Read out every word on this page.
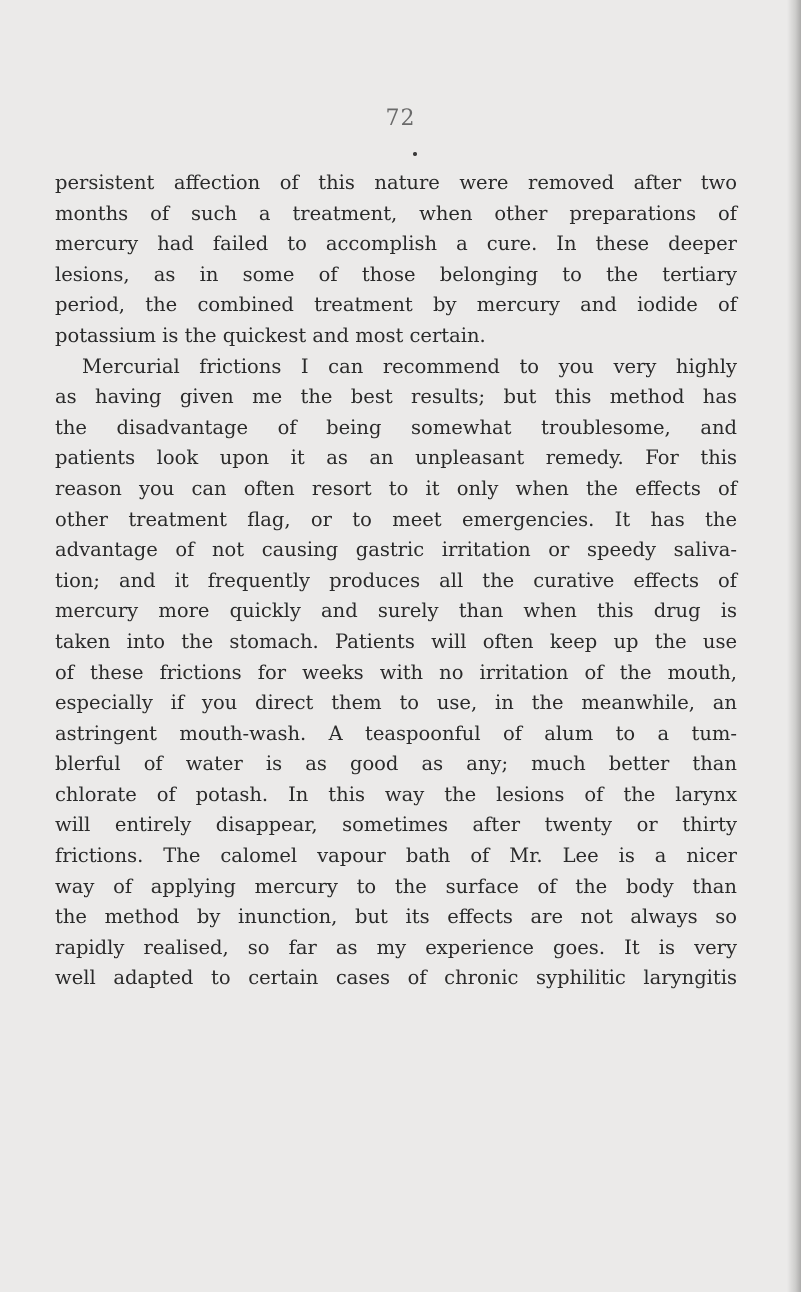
72
persistent affection of this nature were removed after two
months of such a treatment, when other preparations of
mercury had failed to accomplish a cure. In these deeper
lesions, as in some of those belonging to the tertiary
period, the combined treatment by mercury and iodide of
potassium is the quickest and most certain.
Mercurial frictions I can recommend to you very highly
as having given me the best results; but this method has
the disadvantage of being somewhat troublesome, and
patients look upon it as an unpleasant remedy. For this
reason you can often resort to it only when the effects of
other treatment flag, or to meet emergencies. It has the
advantage of not causing gastric irritation or speedy saliva-
tion; and it frequently produces all the curative effects of
mercury more quickly and surely than when this drug is
taken into the stomach. Patients will often keep up the use
of these frictions for weeks with no irritation of the mouth,
especially if you direct them to use, in the meanwhile, an
astringent mouth-wash. A teaspoonful of alum to a tum-
blerful of water is as good as any; much better than
chlorate of potash. In this way the lesions of the larynx
will entirely disappear, sometimes after twenty or thirty
frictions. The calomel vapour bath of Mr. Lee is a nicer
way of applying mercury to the surface of the body than
the method by inunction, but its effects are not always so
rapidly realised, so far as my experience goes. It is very
well adapted to certain cases of chronic syphilitic laryngitis
